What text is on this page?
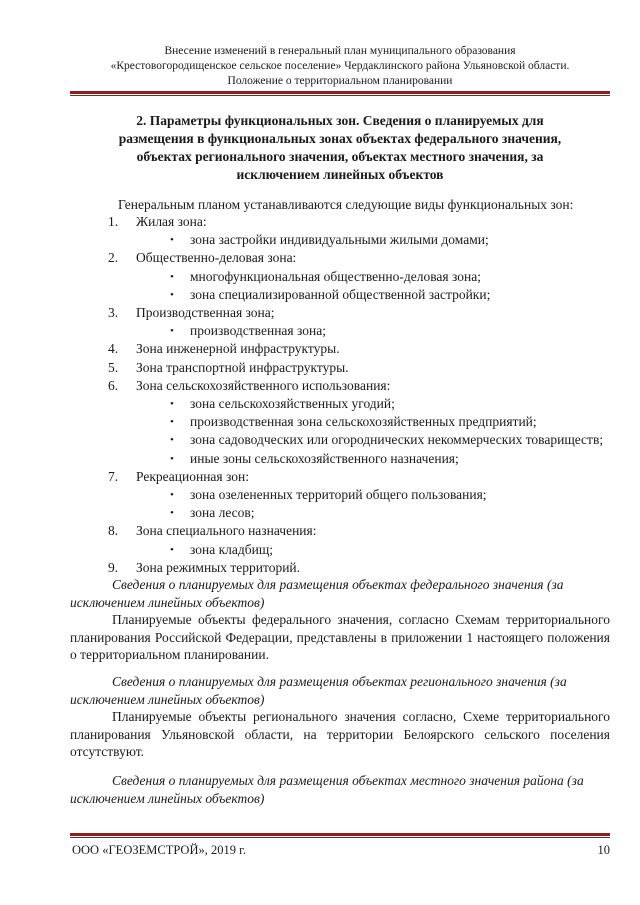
Внесение изменений в генеральный план муниципального образования
«Крестовогородищенское сельское поселение» Чердаклинского района Ульяновской области.
Положение о территориальном планировании
2. Параметры функциональных зон. Сведения о планируемых для размещения в функциональных зонах объектах федерального значения, объектах регионального значения, объектах местного значения, за исключением линейных объектов
Генеральным планом устанавливаются следующие виды функциональных зон:
1.	Жилая зона:
•	зона застройки индивидуальными жилыми домами;
2.	Общественно-деловая зона:
•	многофункциональная общественно-деловая зона;
•	зона специализированной общественной застройки;
3.	Производственная зона;
•	производственная зона;
4.	Зона инженерной инфраструктуры.
5.	Зона транспортной инфраструктуры.
6.	Зона сельскохозяйственного использования:
•	зона сельскохозяйственных угодий;
•	производственная зона сельскохозяйственных предприятий;
•	зона садоводческих или огороднических некоммерческих товариществ;
•	иные зоны сельскохозяйственного назначения;
7.	Рекреационная зон:
•	зона озелененных территорий общего пользования;
•	зона лесов;
8.	Зона специального назначения:
•	зона кладбищ;
9.	Зона режимных территорий.
Сведения о планируемых для размещения объектах федерального значения (за исключением линейных объектов)
Планируемые объекты федерального значения, согласно Схемам территориального планирования Российской Федерации, представлены в приложении 1 настоящего положения о территориальном планировании.
Сведения о планируемых для размещения объектах регионального значения (за исключением линейных объектов)
Планируемые объекты регионального значения согласно, Схеме территориального планирования Ульяновской области, на территории Белоярского сельского поселения отсутствуют.
Сведения о планируемых для размещения объектах местного значения района (за исключением линейных объектов)
ООО «ГЕОЗЕМСТРОЙ», 2019 г.	10
